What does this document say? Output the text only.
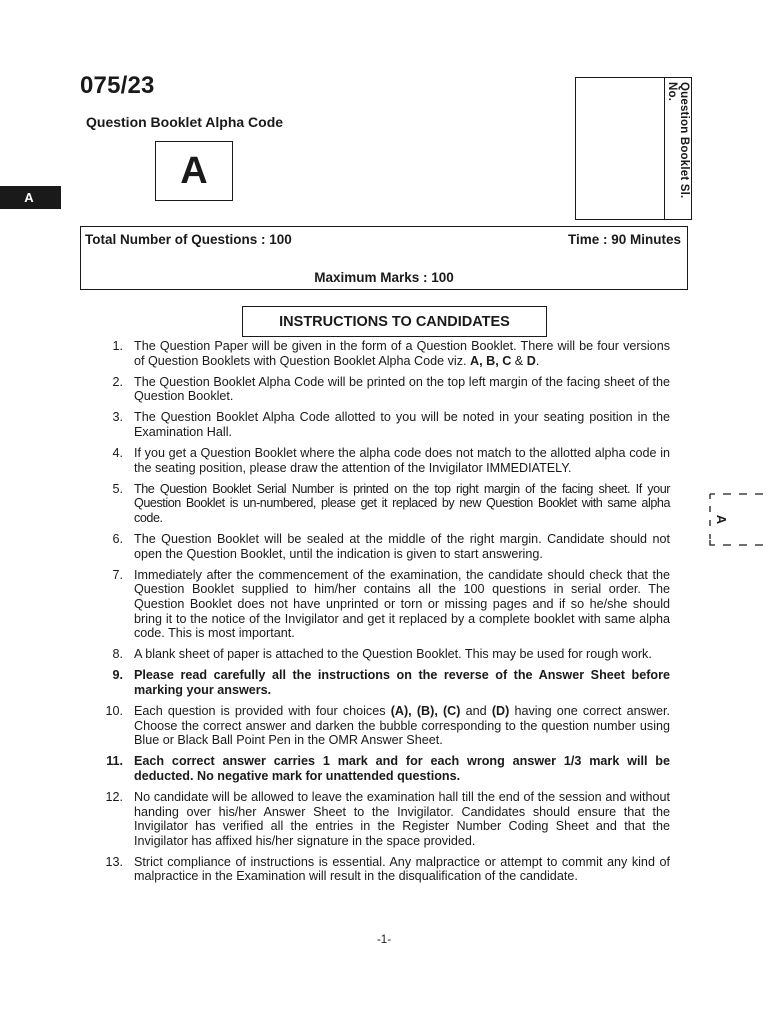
075/23
Question Booklet Alpha Code
A
A	Question Booklet Sl. No.
Total Number of Questions : 100	Time : 90 Minutes
Maximum Marks : 100
INSTRUCTIONS TO CANDIDATES
1. The Question Paper will be given in the form of a Question Booklet. There will be four versions of Question Booklets with Question Booklet Alpha Code viz. A, B, C & D.
2. The Question Booklet Alpha Code will be printed on the top left margin of the facing sheet of the Question Booklet.
3. The Question Booklet Alpha Code allotted to you will be noted in your seating position in the Examination Hall.
4. If you get a Question Booklet where the alpha code does not match to the allotted alpha code in the seating position, please draw the attention of the Invigilator IMMEDIATELY.
5. The Question Booklet Serial Number is printed on the top right margin of the facing sheet. If your Question Booklet is un-numbered, please get it replaced by new Question Booklet with same alpha code.
6. The Question Booklet will be sealed at the middle of the right margin. Candidate should not open the Question Booklet, until the indication is given to start answering.
7. Immediately after the commencement of the examination, the candidate should check that the Question Booklet supplied to him/her contains all the 100 questions in serial order. The Question Booklet does not have unprinted or torn or missing pages and if so he/she should bring it to the notice of the Invigilator and get it replaced by a complete booklet with same alpha code. This is most important.
8. A blank sheet of paper is attached to the Question Booklet. This may be used for rough work.
9. Please read carefully all the instructions on the reverse of the Answer Sheet before marking your answers.
10. Each question is provided with four choices (A), (B), (C) and (D) having one correct answer. Choose the correct answer and darken the bubble corresponding to the question number using Blue or Black Ball Point Pen in the OMR Answer Sheet.
11. Each correct answer carries 1 mark and for each wrong answer 1/3 mark will be deducted. No negative mark for unattended questions.
12. No candidate will be allowed to leave the examination hall till the end of the session and without handing over his/her Answer Sheet to the Invigilator. Candidates should ensure that the Invigilator has verified all the entries in the Register Number Coding Sheet and that the Invigilator has affixed his/her signature in the space provided.
13. Strict compliance of instructions is essential. Any malpractice or attempt to commit any kind of malpractice in the Examination will result in the disqualification of the candidate.
A
-1-
